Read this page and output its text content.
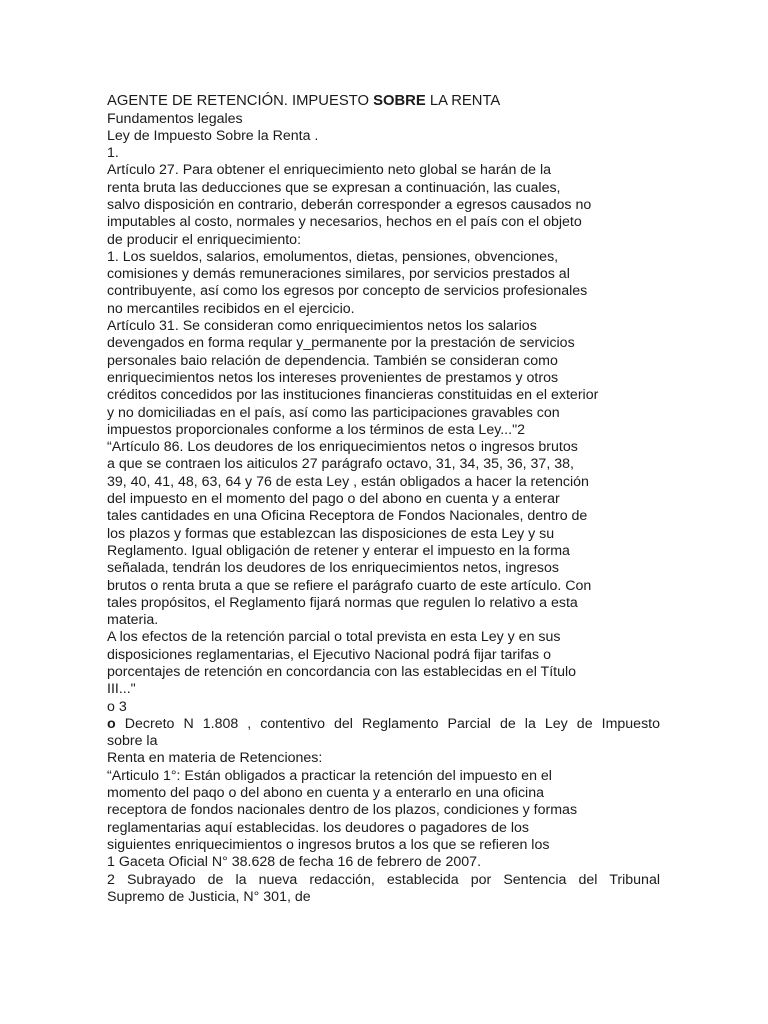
AGENTE DE RETENCIÓN. IMPUESTO SOBRE LA RENTA
Fundamentos legales
Ley de Impuesto Sobre la Renta .
1.
Artículo 27. Para obtener el enriquecimiento neto global se harán de la
renta bruta las deducciones que se expresan a continuación, las cuales,
salvo disposición en contrario, deberán corresponder a egresos causados no
imputables al costo, normales y necesarios, hechos en el país con el objeto
de producir el enriquecimiento:
1. Los sueldos, salarios, emolumentos, dietas, pensiones, obvenciones,
comisiones y demás remuneraciones similares, por servicios prestados al
contribuyente, así como los egresos por concepto de servicios profesionales
no mercantiles recibidos en el ejercicio.
Artículo 31. Se consideran como enriquecimientos netos los salarios
devengados en forma reqular y_permanente por la prestación de servicios
personales baio relación de dependencia. También se consideran como
enriquecimientos netos los intereses provenientes de prestamos y otros
créditos concedidos por las instituciones financieras constituidas en el exterior
y no domiciliadas en el país, así como las participaciones gravables con
impuestos proporcionales conforme a los términos de esta Ley..."2
“Artículo 86. Los deudores de los enriquecimientos netos o ingresos brutos
a que se contraen los aiticulos 27 parágrafo octavo, 31, 34, 35, 36, 37, 38,
39, 40, 41, 48, 63, 64 y 76 de esta Ley , están obligados a hacer la retención
del impuesto en el momento del pago o del abono en cuenta y a enterar
tales cantidades en una Oficina Receptora de Fondos Nacionales, dentro de
los plazos y formas que establezcan las disposiciones de esta Ley y su
Reglamento. Igual obligación de retener y enterar el impuesto en la forma
señalada, tendrán los deudores de los enriquecimientos netos, ingresos
brutos o renta bruta a que se refiere el parágrafo cuarto de este artículo. Con
tales propósitos, el Reglamento fijará normas que regulen lo relativo a esta
materia.
A los efectos de la retención parcial o total prevista en esta Ley y en sus
disposiciones reglamentarias, el Ejecutivo Nacional podrá fijar tarifas o
porcentajes de retención en concordancia con las establecidas en el Título
III..."
o 3
o Decreto N 1.808 , contentivo del Reglamento Parcial de la Ley de Impuesto
sobre la
Renta en materia de Retenciones:
“Articulo 1°: Están obligados a practicar la retención del impuesto en el
momento del paqo o del abono en cuenta y a enterarlo en una oficina
receptora de fondos nacionales dentro de los plazos, condiciones y formas
reglamentarias aquí establecidas. los deudores o pagadores de los
siguientes enriquecimientos o ingresos brutos a los que se refieren los
1 Gaceta Oficial N° 38.628 de fecha 16 de febrero de 2007.
2 Subrayado de la nueva redacción, establecida por Sentencia del Tribunal
Supremo de Justicia, N° 301, de
